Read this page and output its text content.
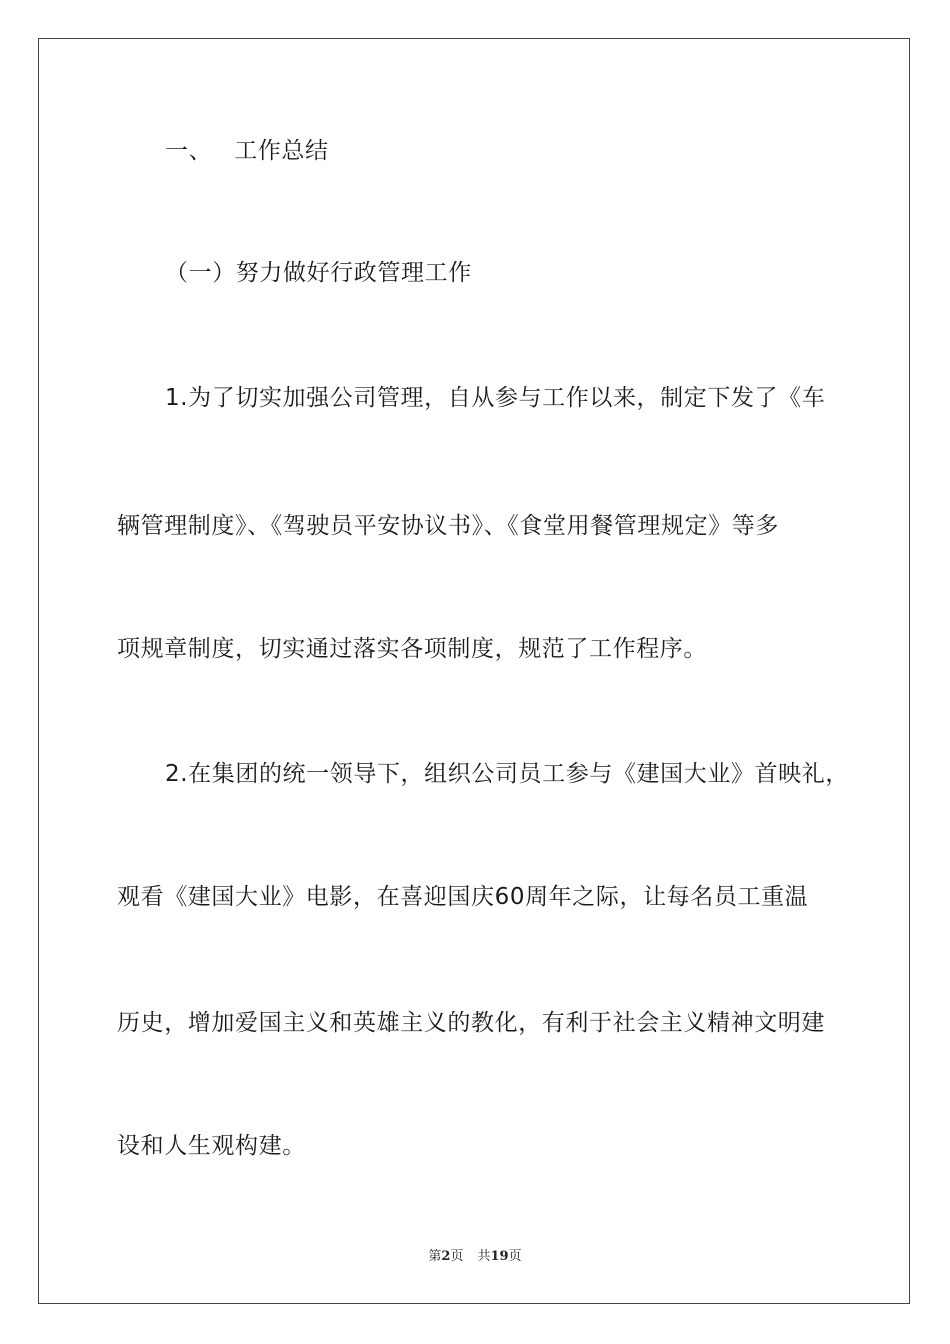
一、 工作总结
（一）努力做好行政管理工作
1.为了切实加强公司管理，自从参与工作以来，制定下发了《车
辆管理制度》、《驾驶员平安协议书》、《食堂用餐管理规定》等多
项规章制度，切实通过落实各项制度，规范了工作程序。
2.在集团的统一领导下，组织公司员工参与《建国大业》首映礼，
观看《建国大业》电影，在喜迎国庆60周年之际，让每名员工重温
历史，增加爱国主义和英雄主义的教化，有利于社会主义精神文明建
设和人生观构建。
第2页 共19页
